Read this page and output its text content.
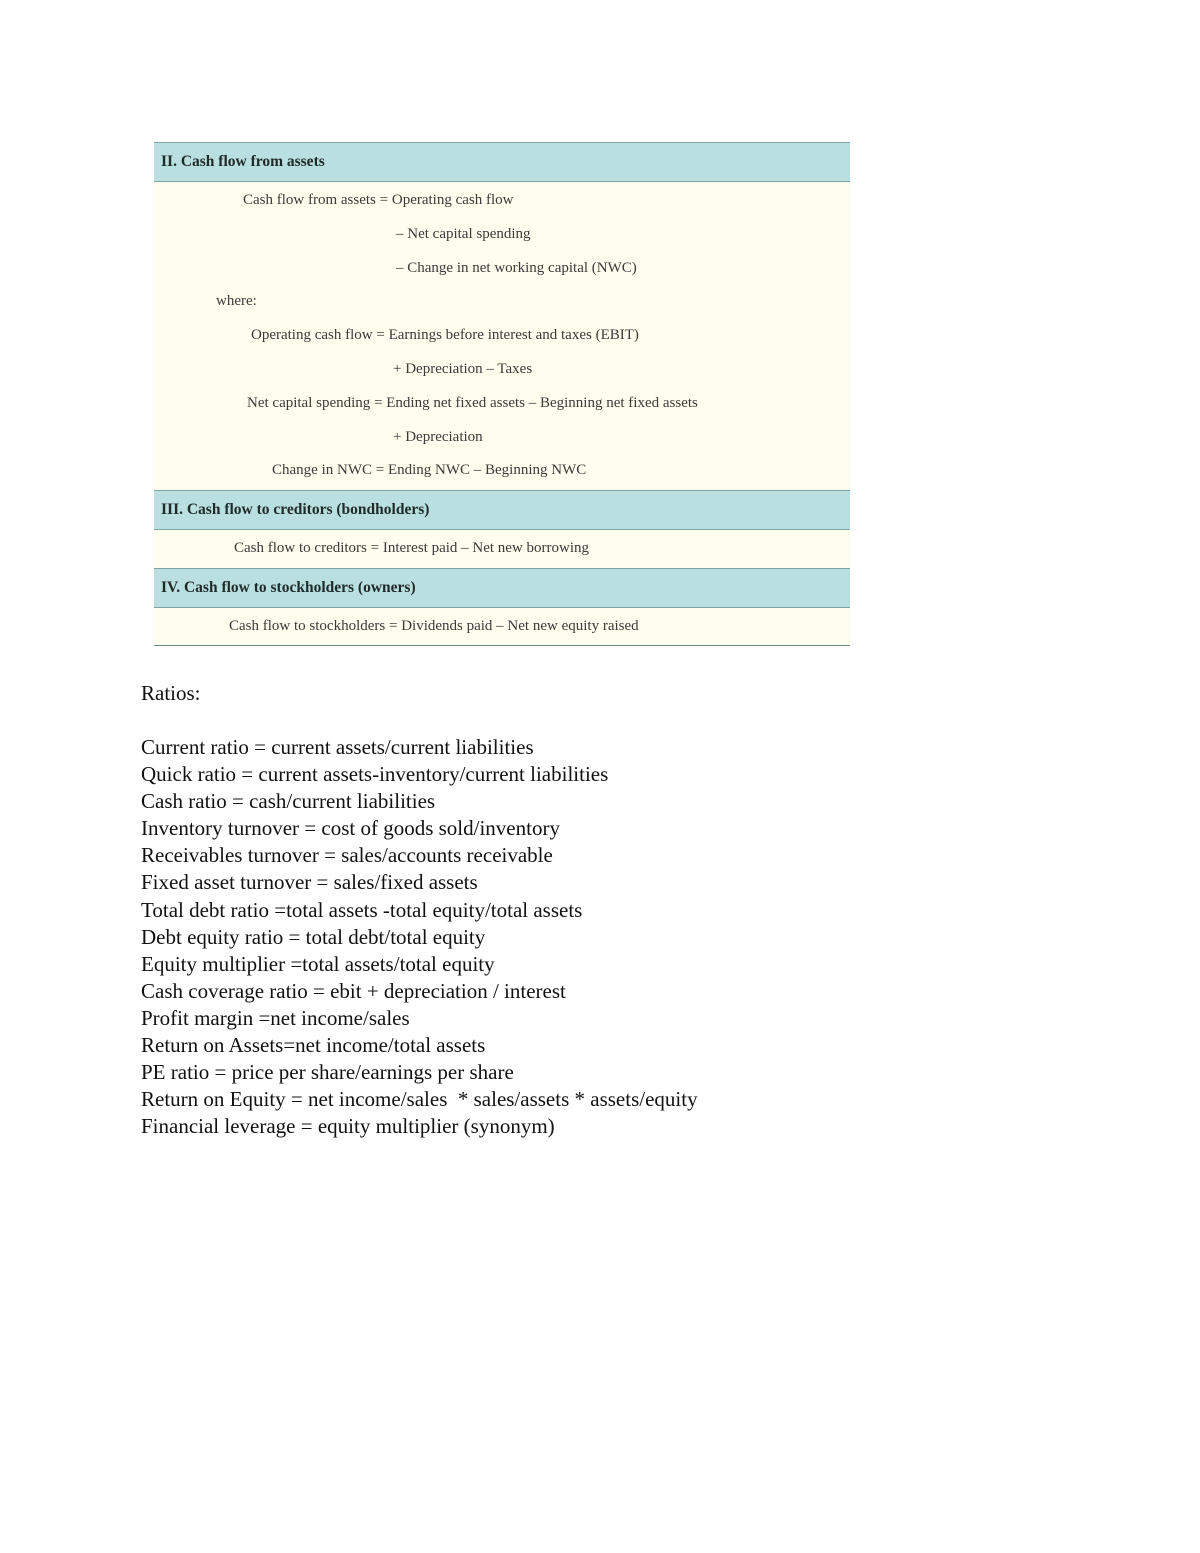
II. Cash flow from assets
Cash flow from assets = Operating cash flow
– Net capital spending
– Change in net working capital (NWC)
where:
Operating cash flow = Earnings before interest and taxes (EBIT)
+ Depreciation – Taxes
Net capital spending = Ending net fixed assets – Beginning net fixed assets
+ Depreciation
Change in NWC = Ending NWC – Beginning NWC
III. Cash flow to creditors (bondholders)
Cash flow to creditors = Interest paid – Net new borrowing
IV. Cash flow to stockholders (owners)
Cash flow to stockholders = Dividends paid – Net new equity raised
Ratios:
Current ratio = current assets/current liabilities
Quick ratio = current assets-inventory/current liabilities
Cash ratio = cash/current liabilities
Inventory turnover = cost of goods sold/inventory
Receivables turnover = sales/accounts receivable
Fixed asset turnover = sales/fixed assets
Total debt ratio =total assets -total equity/total assets
Debt equity ratio = total debt/total equity
Equity multiplier =total assets/total equity
Cash coverage ratio = ebit + depreciation / interest
Profit margin =net income/sales
Return on Assets=net income/total assets
PE ratio = price per share/earnings per share
Return on Equity = net income/sales  * sales/assets * assets/equity
Financial leverage = equity multiplier (synonym)
